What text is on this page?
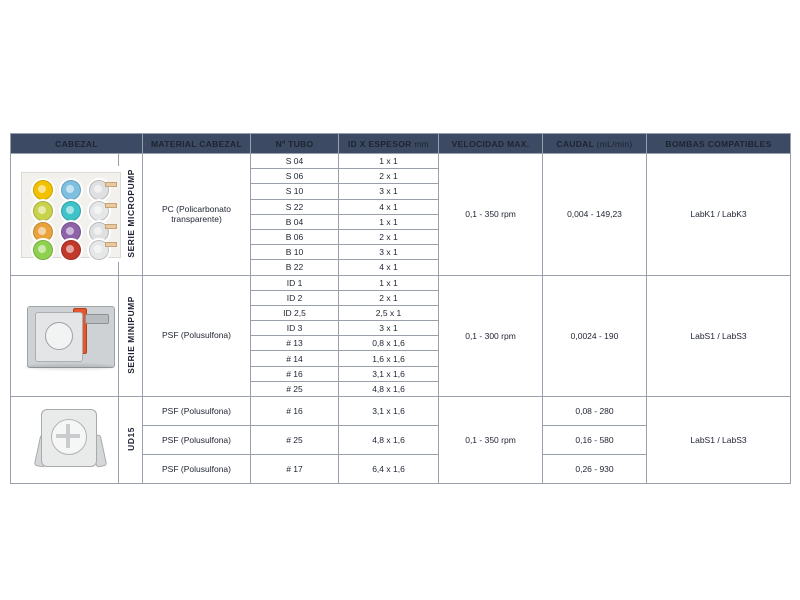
CABEZAL		MATERIAL CABEZAL	Nº TUBO	ID X ESPESOR mm	VELOCIDAD MAX.	CAUDAL (mL/min)	BOMBAS COMPATIBLES

	SERIE MICROPUMP	PC (Policarbonato transparente)	S 04	1 x 1	0,1 - 350 rpm	0,004 - 149,23	LabK1 / LabK3
			S 06	2 x 1			
			S 10	3 x 1			
			S 22	4 x 1			
			B 04	1 x 1			
			B 06	2 x 1			
			B 10	3 x 1			
			B 22	4 x 1			

	SERIE MINIPUMP	PSF (Polusulfona)	ID 1	1 x 1	0,1 - 300 rpm	0,0024 - 190	LabS1 / LabS3
			ID 2	2 x 1			
			ID 2,5	2,5 x 1			
			ID 3	3 x 1			
			# 13	0,8 x 1,6			
			# 14	1,6 x 1,6			
			# 16	3,1 x 1,6			
			# 25	4,8 x 1,6			

	UD15	PSF (Polusulfona)	# 16	3,1 x 1,6	0,1 - 350 rpm	0,08 - 280	LabS1 / LabS3
		PSF (Polusulfona)	# 25	4,8 x 1,6		0,16 - 580	
		PSF (Polusulfona)	# 17	6,4 x 1,6		0,26 - 930	
